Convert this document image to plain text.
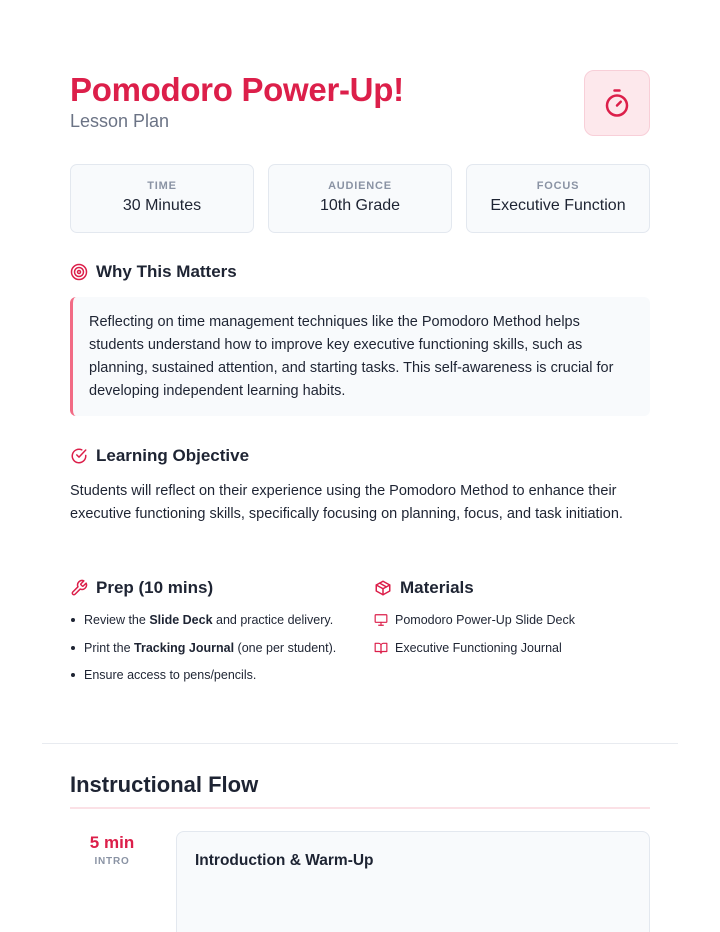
Pomodoro Power-Up!
Lesson Plan
TIME
30 Minutes
AUDIENCE
10th Grade
FOCUS
Executive Function
Why This Matters

Reflecting on time management techniques like the Pomodoro Method helps students understand how to improve key executive functioning skills, such as planning, sustained attention, and starting tasks. This self-awareness is crucial for developing independent learning habits.

Learning Objective

Students will reflect on their experience using the Pomodoro Method to enhance their executive functioning skills, specifically focusing on planning, focus, and task initiation.

Prep (10 mins)
Review the Slide Deck and practice delivery.
Print the Tracking Journal (one per student).
Ensure access to pens/pencils.
Materials
Pomodoro Power-Up Slide Deck
Executive Functioning Journal
Instructional Flow
5 min
INTRO	Introduction & Warm-Up
